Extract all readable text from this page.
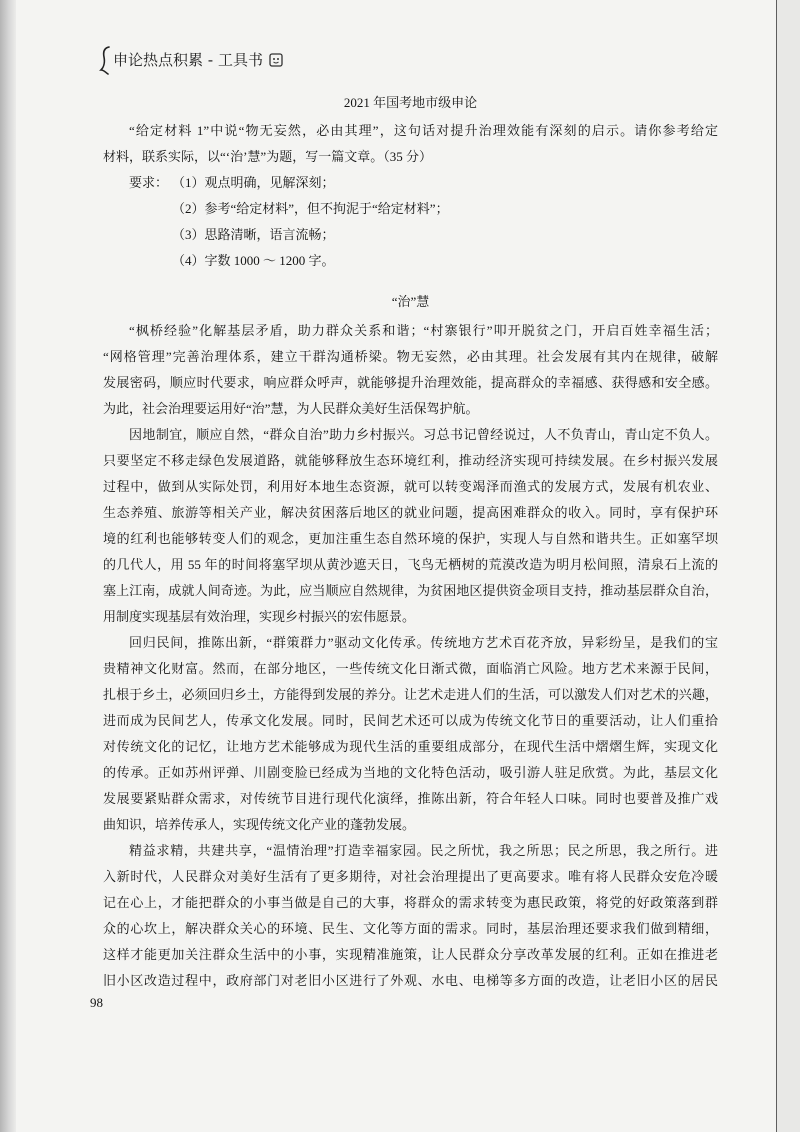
申论热点积累 - 工具书
2021 年国考地市级申论
“给定材料 1”中说“物无妄然，必由其理”，这句话对提升治理效能有深刻的启示。请你参考给定
材料，联系实际，以“‘治’慧”为题，写一篇文章。（35 分）
要求： （1）观点明确，见解深刻；
（2）参考“给定材料”，但不拘泥于“给定材料”；
（3）思路清晰，语言流畅；
（4）字数 1000 ～ 1200 字。
“治”慧
“枫桥经验”化解基层矛盾，助力群众关系和谐；“村寨银行”叩开脱贫之门，开启百姓幸福生活；
“网格管理”完善治理体系，建立干群沟通桥梁。物无妄然，必由其理。社会发展有其内在规律，破解
发展密码，顺应时代要求，响应群众呼声，就能够提升治理效能，提高群众的幸福感、获得感和安全感。
为此，社会治理要运用好“治”慧，为人民群众美好生活保驾护航。
因地制宜，顺应自然，“群众自治”助力乡村振兴。习总书记曾经说过，人不负青山，青山定不负人。
只要坚定不移走绿色发展道路，就能够释放生态环境红利，推动经济实现可持续发展。在乡村振兴发展
过程中，做到从实际处罚，利用好本地生态资源，就可以转变竭泽而渔式的发展方式，发展有机农业、
生态养殖、旅游等相关产业，解决贫困落后地区的就业问题，提高困难群众的收入。同时，享有保护环
境的红利也能够转变人们的观念，更加注重生态自然环境的保护，实现人与自然和谐共生。正如塞罕坝
的几代人，用 55 年的时间将塞罕坝从黄沙遮天日，飞鸟无栖树的荒漠改造为明月松间照，清泉石上流的
塞上江南，成就人间奇迹。为此，应当顺应自然规律，为贫困地区提供资金项目支持，推动基层群众自治，
用制度实现基层有效治理，实现乡村振兴的宏伟愿景。
回归民间，推陈出新，“群策群力”驱动文化传承。传统地方艺术百花齐放，异彩纷呈，是我们的宝
贵精神文化财富。然而，在部分地区，一些传统文化日渐式微，面临消亡风险。地方艺术来源于民间，
扎根于乡土，必须回归乡土，方能得到发展的养分。让艺术走进人们的生活，可以激发人们对艺术的兴趣，
进而成为民间艺人，传承文化发展。同时，民间艺术还可以成为传统文化节日的重要活动，让人们重拾
对传统文化的记忆，让地方艺术能够成为现代生活的重要组成部分，在现代生活中熠熠生辉，实现文化
的传承。正如苏州评弹、川剧变脸已经成为当地的文化特色活动，吸引游人驻足欣赏。为此，基层文化
发展要紧贴群众需求，对传统节目进行现代化演绎，推陈出新，符合年轻人口味。同时也要普及推广戏
曲知识，培养传承人，实现传统文化产业的蓬勃发展。
精益求精，共建共享，“温情治理”打造幸福家园。民之所忧，我之所思；民之所思，我之所行。进
入新时代，人民群众对美好生活有了更多期待，对社会治理提出了更高要求。唯有将人民群众安危冷暖
记在心上，才能把群众的小事当做是自己的大事，将群众的需求转变为惠民政策，将党的好政策落到群
众的心坎上，解决群众关心的环境、民生、文化等方面的需求。同时，基层治理还要求我们做到精细，
这样才能更加关注群众生活中的小事，实现精准施策，让人民群众分享改革发展的红利。正如在推进老
旧小区改造过程中，政府部门对老旧小区进行了外观、水电、电梯等多方面的改造，让老旧小区的居民
98
